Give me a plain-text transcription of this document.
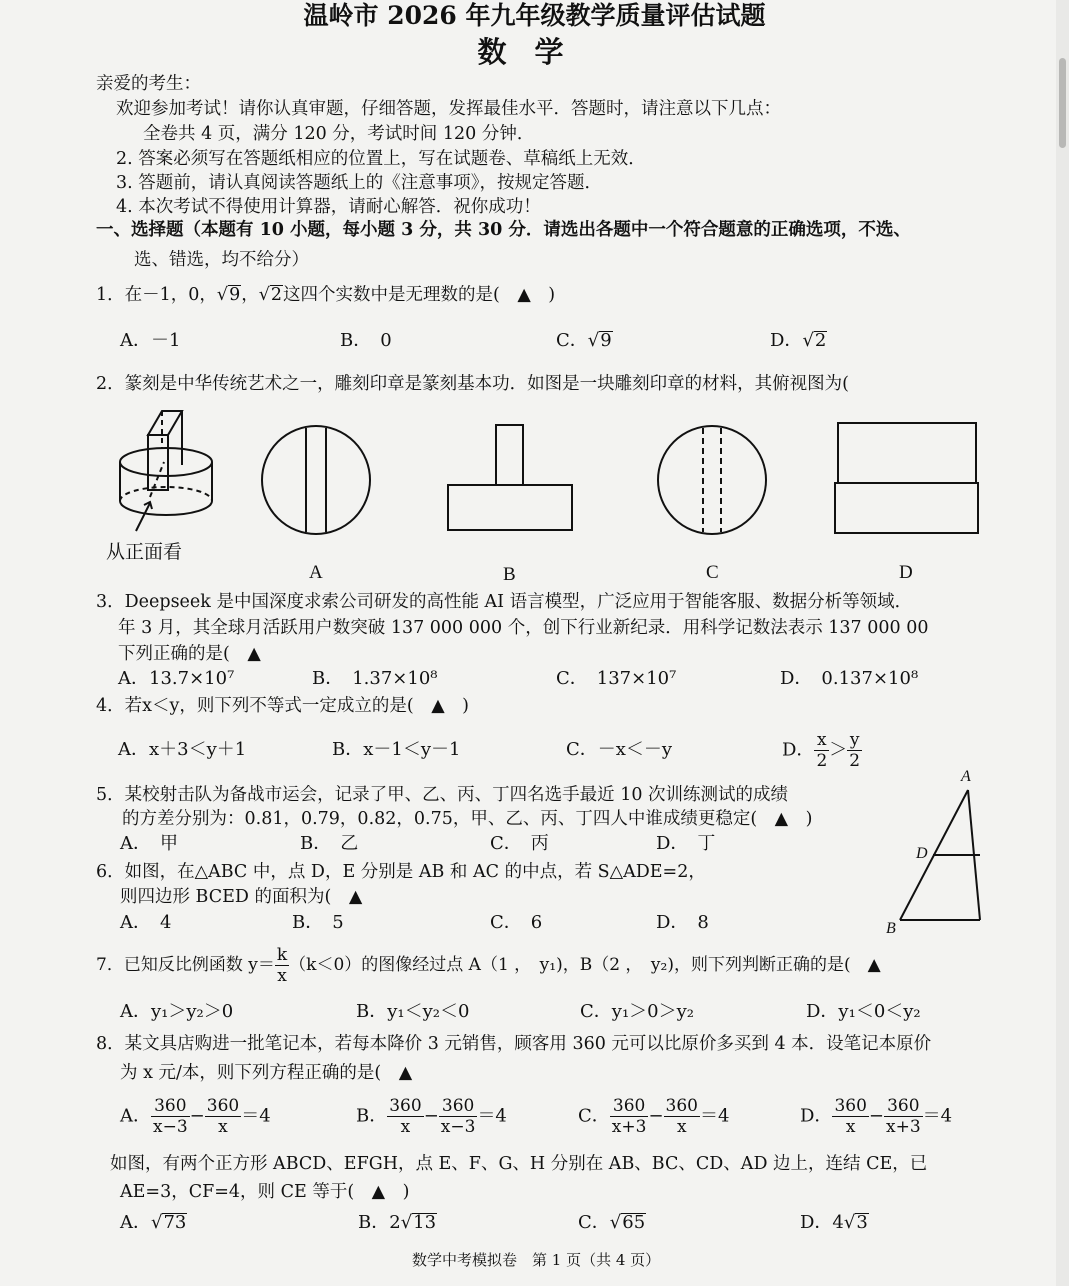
温岭市 2026 年九年级教学质量评估试题
数学
亲爱的考生：
欢迎参加考试！请你认真审题，仔细答题，发挥最佳水平．答题时，请注意以下几点：
全卷共 4 页，满分 120 分，考试时间 120 分钟．
2. 答案必须写在答题纸相应的位置上，写在试题卷、草稿纸上无效．
3. 答题前，请认真阅读答题纸上的《注意事项》，按规定答题．
4. 本次考试不得使用计算器，请耐心解答．祝你成功！
一、选择题（本题有 10 小题，每小题 3 分，共 30 分．请选出各题中一个符合题意的正确选项，不选、
选、错选，均不给分）
1．在－1，0，√9，√2这四个实数中是无理数的是(　▲　)
A．－1	B．　0	C．√9	D．√2
2．篆刻是中华传统艺术之一，雕刻印章是篆刻基本功．如图是一块雕刻印章的材料，其俯视图为(
从正面看
A	B	C	D
3．Deepseek 是中国深度求索公司研发的高性能 AI 语言模型，广泛应用于智能客服、数据分析等领域．
年 3 月，其全球月活跃用户数突破 137 000 000 个，创下行业新纪录．用科学记数法表示 137 000 00
下列正确的是(　▲
A．13.7×10⁷	B．　1.37×10⁸	C．　137×10⁷	D．　0.137×10⁸
4．若x＜y，则下列不等式一定成立的是(　▲　)
A．x＋3＜y＋1	B．x－1＜y－1	C．－x＜－y	D． $\frac{x}{2} > \frac{y}{2}$
5．某校射击队为备战市运会，记录了甲、乙、丙、丁四名选手最近 10 次训练测试的成绩
的方差分别为：0.81，0.79，0.82，0.75，甲、乙、丙、丁四人中谁成绩更稳定(　▲　)
A．　甲	B．　乙	C．　丙	D．　丁
A
D
B
6．如图，在△ABC 中，点 D，E 分别是 AB 和 AC 的中点，若 S△ADE=2，
则四边形 BCED 的面积为(　▲
A．　4	B．　5	C．　6	D．　8
7．已知反比例函数 $y= \frac{k}{x} (k<0)$的图像经过点 A（1 ，　y₁)，B（2 ，　y₂)，则下列判断正确的是(　▲
A．y₁＞y₂＞0	B．y₁＜y₂＜0	C．y₁＞0＞y₂	D．y₁＜0＜y₂
8．某文具店购进一批笔记本，若每本降价 3 元销售，顾客用 360 元可以比原价多买到 4 本．设笔记本原价
为 x 元/本，则下列方程正确的是(　▲
A． $\frac{360}{x-3} - \frac{360}{x} =4$	B． $\frac{360}{x} - \frac{360}{x-3} =4$	C． $\frac{360}{x+3} - \frac{360}{x} =4$	D． $\frac{360}{x} - \frac{360}{x+3} =4$
如图，有两个正方形 ABCD、EFGH，点 E、F、G、H 分别在 AB、BC、CD、AD 边上，连结 CE，已
AE=3，CF=4，则 CE 等于(　▲　)
A．√73	B．2√13	C．√65	D．4√3
数学中考模拟卷　第 1 页（共 4 页）
